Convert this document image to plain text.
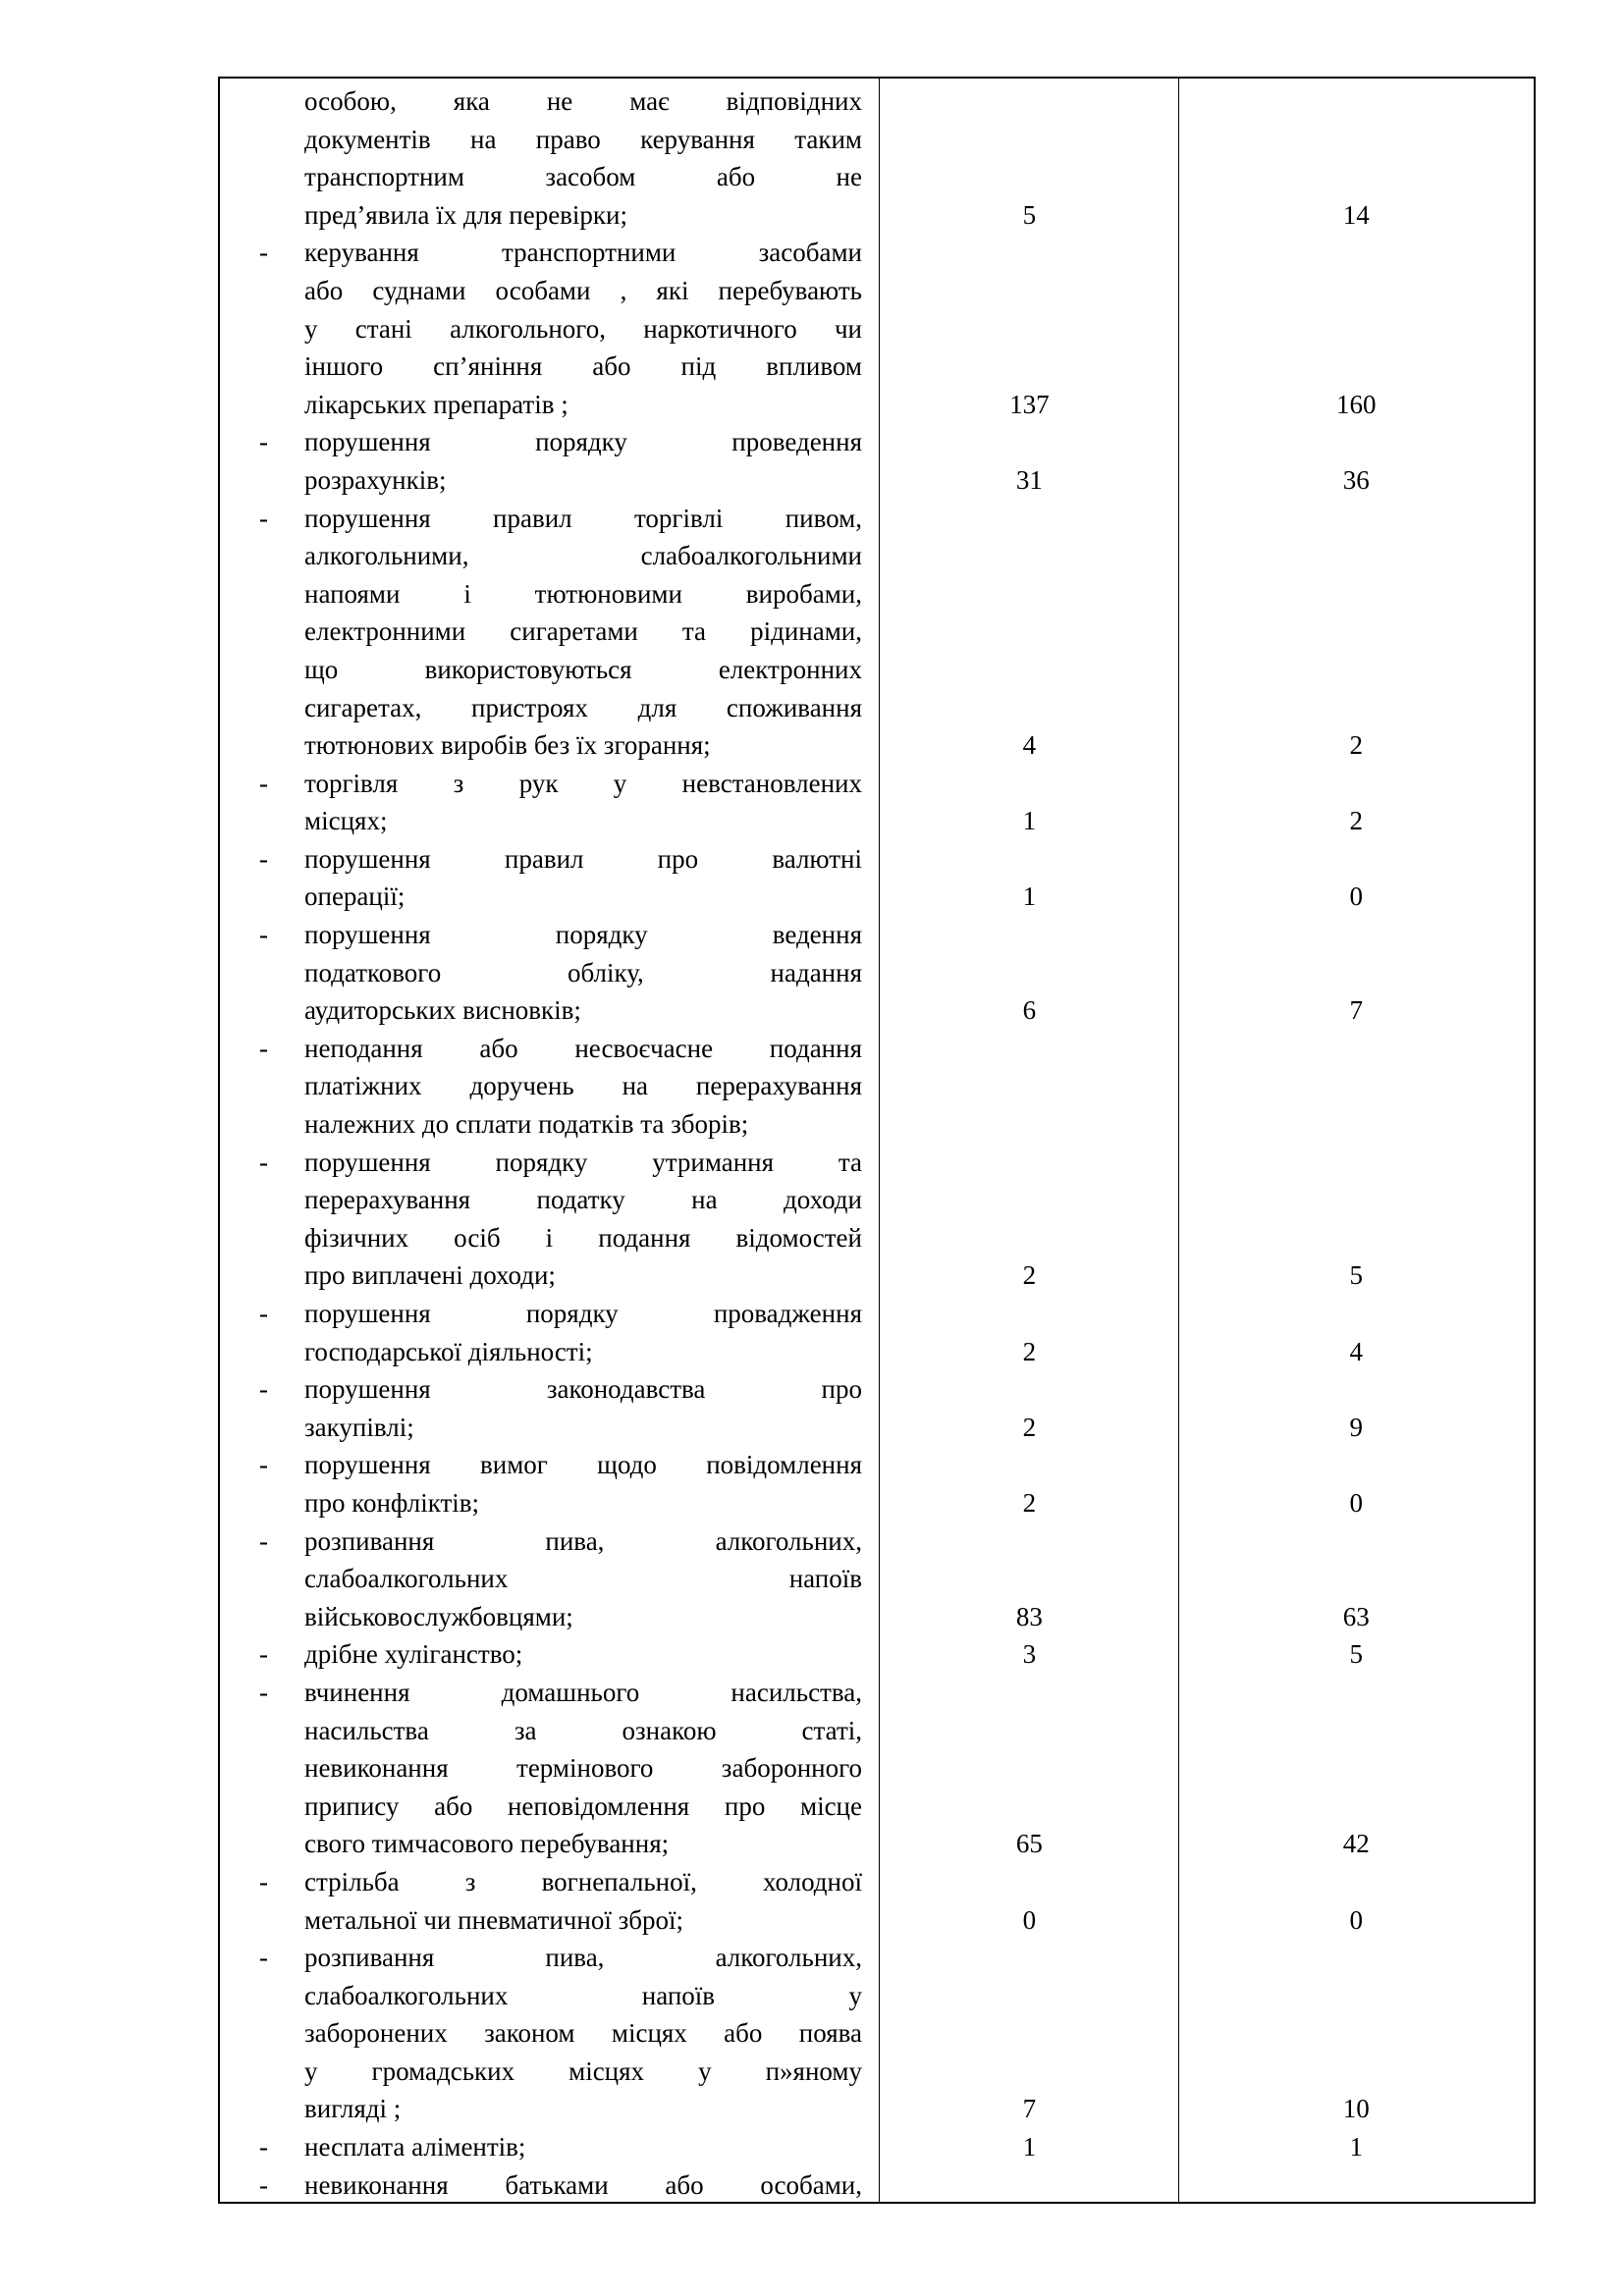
особою, яка не має відповідних
документів на право керування таким
транспортним засобом або не
пред’явила їх для перевірки;	5	14
- керування транспортними засобами
або суднами особами , які перебувають
у стані алкогольного, наркотичного чи
іншого сп’яніння або під впливом
лікарських препаратів ;	137	160
- порушення порядку проведення
розрахунків;	31	36
- порушення правил торгівлі пивом,
алкогольними, слабоалкогольними
напоями і тютюновими виробами,
електронними сигаретами та рідинами,
що використовуються електронних
сигаретах, пристроях для споживання
тютюнових виробів без їх згорання;	4	2
- торгівля з рук у невстановлених
місцях;	1	2
- порушення правил про валютні
операції;	1	0
- порушення порядку ведення
податкового обліку, надання
аудиторських висновків;	6	7
- неподання або несвоєчасне подання
платіжних доручень на перерахування
належних до сплати податків та зборів;
- порушення порядку утримання та
перерахування податку на доходи
фізичних осіб і подання відомостей
про виплачені доходи;	2	5
- порушення порядку провадження
господарської діяльності;	2	4
- порушення законодавства про
закупівлі;	2	9
- порушення вимог щодо повідомлення
про конфліктів;	2	0
- розпивання пива, алкогольних,
слабоалкогольних напоїв
військовослужбовцями;	83	63
- дрібне хуліганство;	3	5
- вчинення домашнього насильства,
насильства за ознакою статі,
невиконання термінового заборонного
припису або неповідомлення про місце
свого тимчасового перебування;	65	42
- стрільба з вогнепальної, холодної
метальної чи пневматичної зброї;	0	0
- розпивання пива, алкогольних,
слабоалкогольних напоїв у
заборонених законом місцях або поява
у громадських місцях у п»яному
вигляді ;	7	10
- несплата аліментів;	1	1
- невиконання батьками або особами,
